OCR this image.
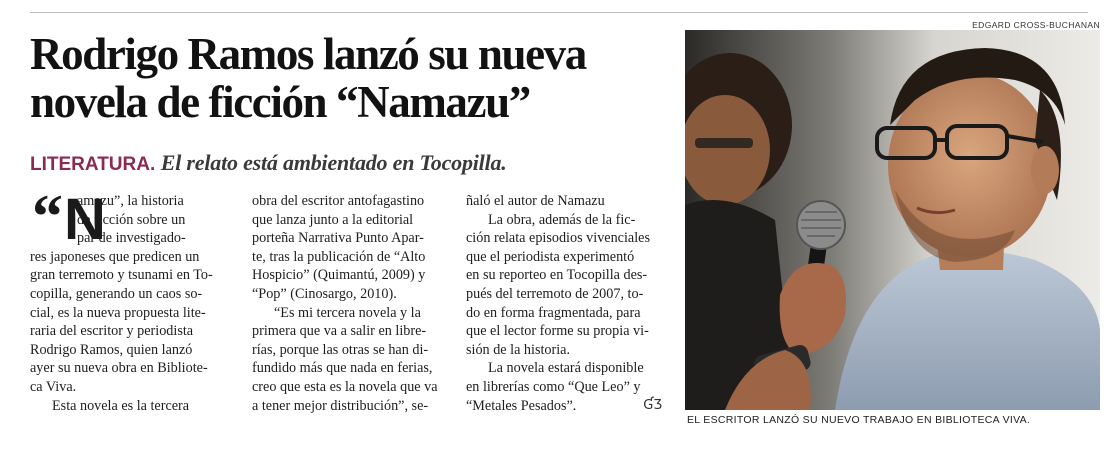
EDGARD CROSS-BUCHANAN
Rodrigo Ramos lanzó su nueva
novela de ficción “Namazu”
LITERATURA. El relato está ambientado en Tocopilla.
“ N

amazu”, la historia

de ficción sobre un

par de investigado-

res japoneses que predicen un

gran terremoto y tsunami en To-

copilla, generando un caos so-

cial, es la nueva propuesta lite-

raria del escritor y periodista

Rodrigo Ramos, quien lanzó

ayer su nueva obra en Bibliote-

ca Viva.

Esta novela es la tercera

obra del escritor antofagastino

que lanza junto a la editorial

porteña Narrativa Punto Apar-

te, tras la publicación de “Alto

Hospicio” (Quimantú, 2009) y

“Pop” (Cinosargo, 2010).

“Es mi tercera novela y la

primera que va a salir en libre-

rías, porque las otras se han di-

fundido más que nada en ferias,

creo que esta es la novela que va

a tener mejor distribución”, se-

ñaló el autor de Namazu

La obra, además de la fic-

ción relata episodios vivenciales

que el periodista experimentó

en su reporteo en Tocopilla des-

pués del terremoto de 2007, to-

do en forma fragmentada, para

que el lector forme su propia vi-

sión de la historia.

La novela estará disponible

en librerías como “Que Leo” y

“Metales Pesados”.	ƓƷ

EL ESCRITOR LANZÓ SU NUEVO TRABAJO EN BIBLIOTECA VIVA.
